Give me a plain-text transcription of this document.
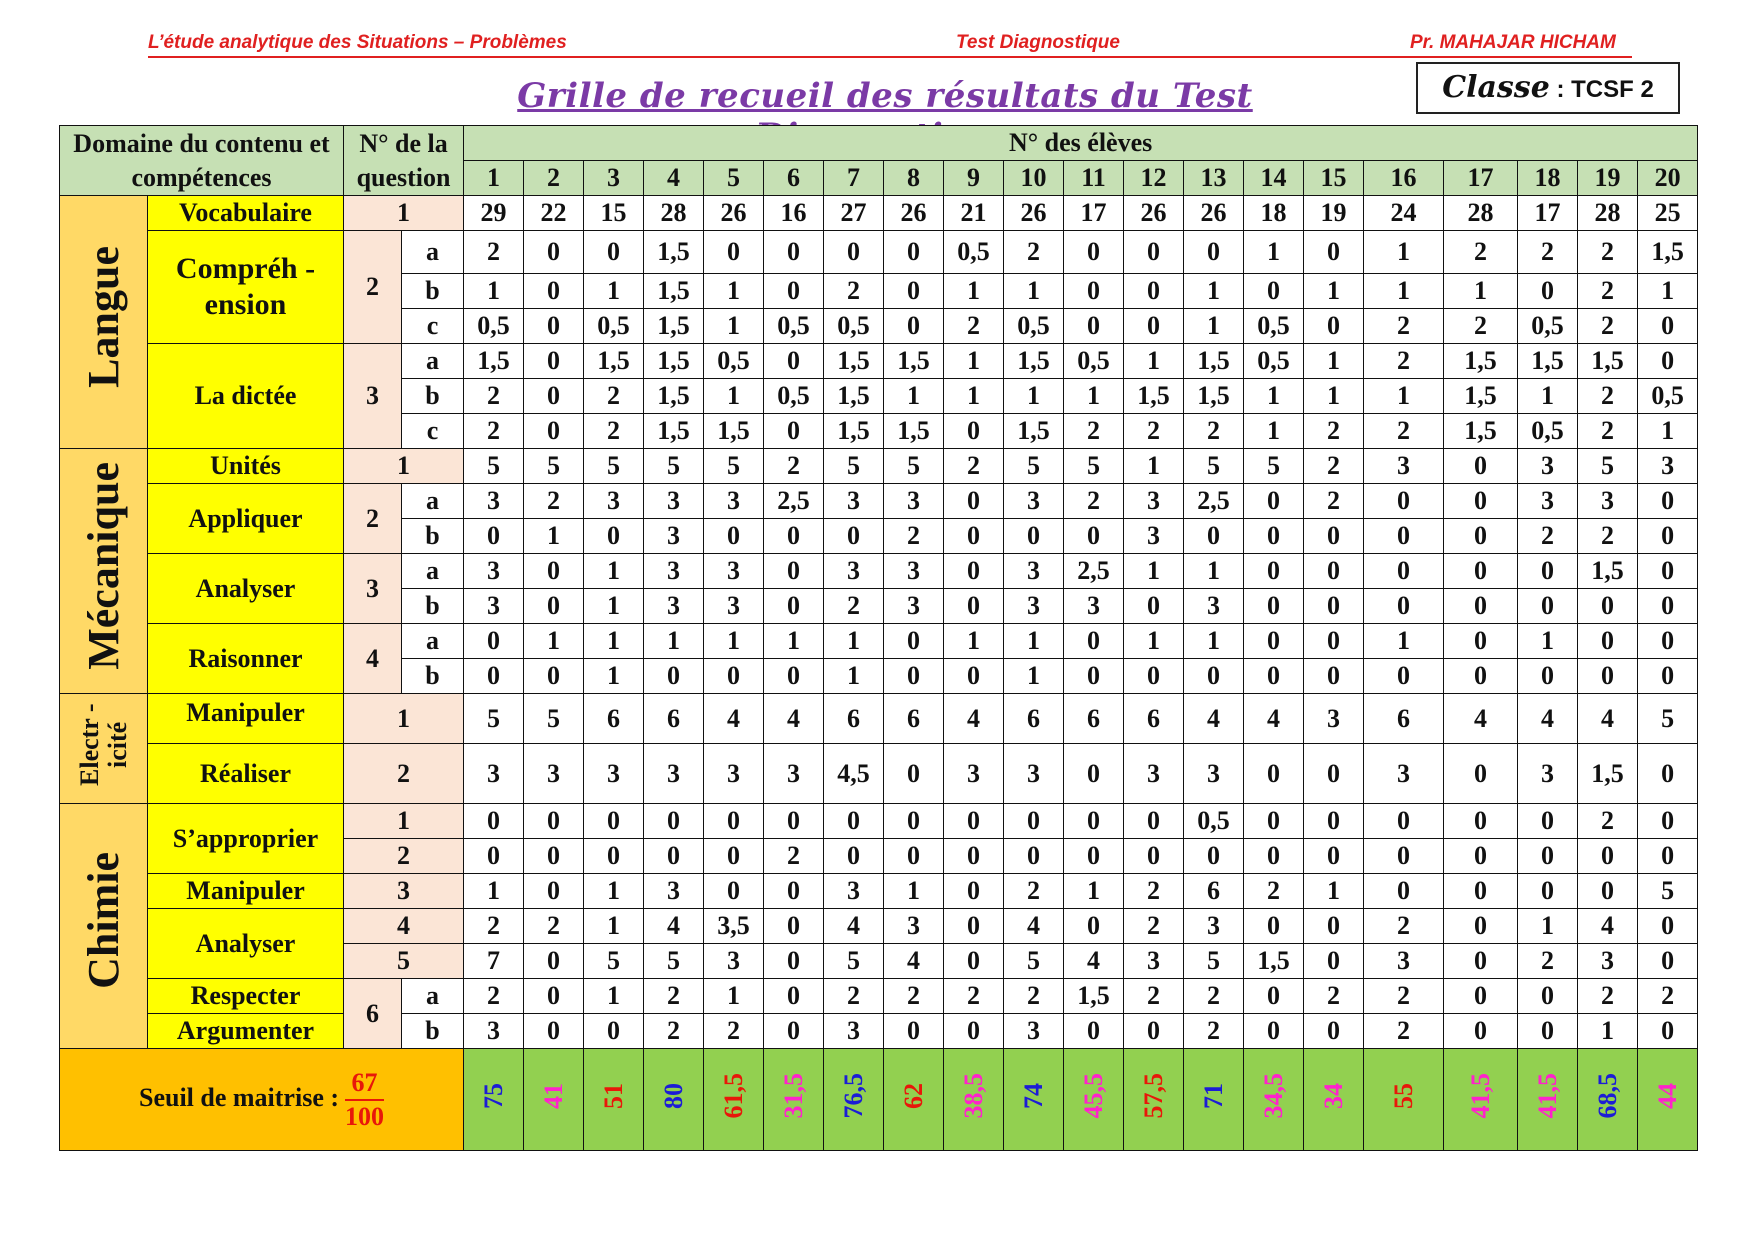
L’étude analytique des Situations – Problèmes	Test Diagnostique	Pr. MAHAJAR HICHAM
Grille de recueil des résultats du Test	Classe : TCSF 2
Domaine du contenu et compétences		N° de la question		N° des élèves																			
				1	2	3	4	5	6	7	8	9	10	11	12	13	14	15	16	17	18	19	20
Langue	Vocabulaire	1		29	22	15	28	26	16	27	26	21	26	17	26	26	18	19	24	28	17	28	25
	Compréh - ension	2	a	2	0	0	1,5	0	0	0	0	0,5	2	0	0	0	1	0	1	2	2	2	1,5
			b	1	0	1	1,5	1	0	2	0	1	1	0	0	1	0	1	1	1	0	2	1
			c	0,5	0	0,5	1,5	1	0,5	0,5	0	2	0,5	0	0	1	0,5	0	2	2	0,5	2	0
	La dictée	3	a	1,5	0	1,5	1,5	0,5	0	1,5	1,5	1	1,5	0,5	1	1,5	0,5	1	2	1,5	1,5	1,5	0
			b	2	0	2	1,5	1	0,5	1,5	1	1	1	1	1,5	1,5	1	1	1	1,5	1	2	0,5
			c	2	0	2	1,5	1,5	0	1,5	1,5	0	1,5	2	2	2	1	2	2	1,5	0,5	2	1
Mécanique	Unités	1		5	5	5	5	5	2	5	5	2	5	5	1	5	5	2	3	0	3	5	3
	Appliquer	2	a	3	2	3	3	3	2,5	3	3	0	3	2	3	2,5	0	2	0	0	3	3	0
			b	0	1	0	3	0	0	0	2	0	0	0	3	0	0	0	0	0	2	2	0
	Analyser	3	a	3	0	1	3	3	0	3	3	0	3	2,5	1	1	0	0	0	0	0	1,5	0
			b	3	0	1	3	3	0	2	3	0	3	3	0	3	0	0	0	0	0	0	0
	Raisonner	4	a	0	1	1	1	1	1	1	0	1	1	0	1	1	0	0	1	0	1	0	0
			b	0	0	1	0	0	0	1	0	0	1	0	0	0	0	0	0	0	0	0	0
Electr - icité	Manipuler	1		5	5	6	6	4	4	6	6	4	6	6	6	4	4	3	6	4	4	4	5
	Réaliser	2		3	3	3	3	3	3	4,5	0	3	3	0	3	3	0	0	3	0	3	1,5	0
Chimie	S’approprier	1		0	0	0	0	0	0	0	0	0	0	0	0	0,5	0	0	0	0	0	2	0
		2		0	0	0	0	0	2	0	0	0	0	0	0	0	0	0	0	0	0	0	0
	Manipuler	3		1	0	1	3	0	0	3	1	0	2	1	2	6	2	1	0	0	0	0	5
	Analyser	4		2	2	1	4	3,5	0	4	3	0	4	0	2	3	0	0	2	0	1	4	0
		5		7	0	5	5	3	0	5	4	0	5	4	3	5	1,5	0	3	0	2	3	0
	Respecter	6	a	2	0	1	2	1	0	2	2	2	2	1,5	2	2	0	2	2	0	0	2	2
	Argumenter		b	3	0	0	2	2	0	3	0	0	3	0	0	2	0	0	2	0	0	1	0
Seuil de maitrise : $\frac{67}{100}$				75	41	51	80	61,5	31,5	76,5	62	38,5	74	45,5	57,5	71	34,5	34	55	41,5	41,5	68,5	44
